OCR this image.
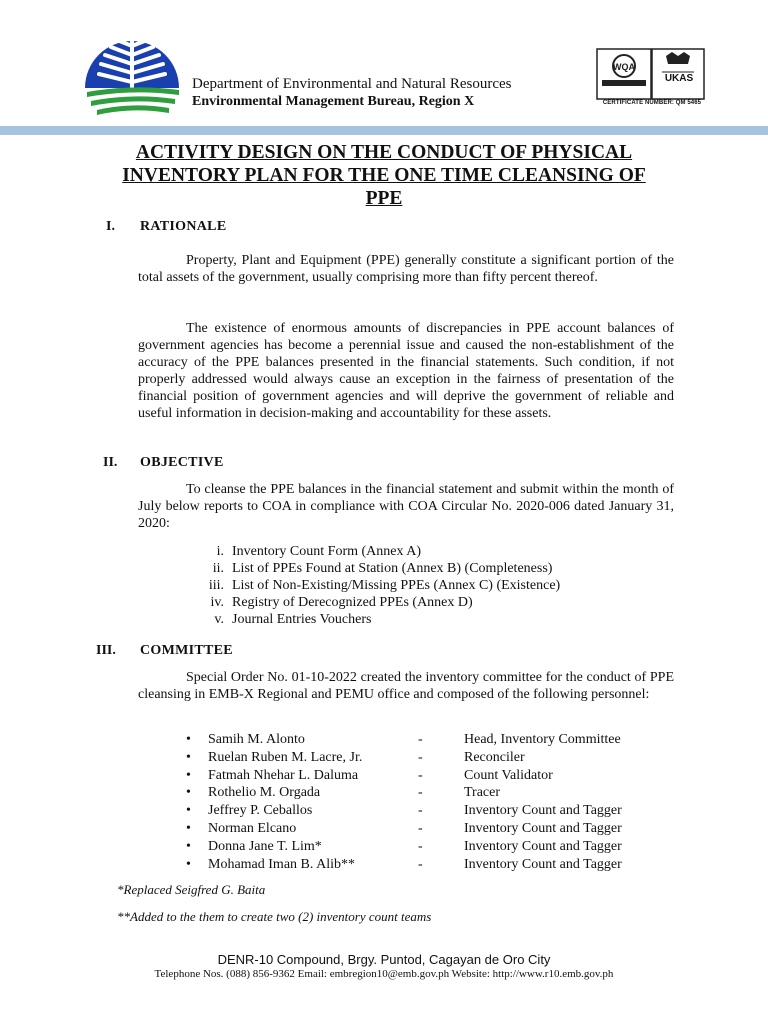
Department of Environmental and Natural Resources
Environmental Management Bureau, Region X
WQA
REGISTERED
UKAS
CERTIFICATE NUMBER: QM 5465
ACTIVITY DESIGN ON THE CONDUCT OF PHYSICAL
INVENTORY PLAN FOR THE ONE TIME CLEANSING OF
PPE
I. RATIONALE
Property, Plant and Equipment (PPE) generally constitute a significant portion of the total assets of the government, usually comprising more than fifty percent thereof.
The existence of enormous amounts of discrepancies in PPE account balances of government agencies has become a perennial issue and caused the non-establishment of the accuracy of the PPE balances presented in the financial statements. Such condition, if not properly addressed would always cause an exception in the fairness of presentation of the financial position of government agencies and will deprive the government of reliable and useful information in decision-making and accountability for these assets.
II. OBJECTIVE
To cleanse the PPE balances in the financial statement and submit within the month of July below reports to COA in compliance with COA Circular No. 2020-006 dated January 31, 2020:
i. Inventory Count Form (Annex A)
ii. List of PPEs Found at Station (Annex B) (Completeness)
iii. List of Non-Existing/Missing PPEs (Annex C) (Existence)
iv. Registry of Derecognized PPEs (Annex D)
v. Journal Entries Vouchers
III. COMMITTEE
Special Order No. 01-10-2022 created the inventory committee for the conduct of PPE cleansing in EMB-X Regional and PEMU office and composed of the following personnel:
•	Samih M. Alonto	-	Head, Inventory Committee
•	Ruelan Ruben M. Lacre, Jr.	-	Reconciler
•	Fatmah Nhehar L. Daluma	-	Count Validator
•	Rothelio M. Orgada	-	Tracer
•	Jeffrey P. Ceballos	-	Inventory Count and Tagger
•	Norman Elcano	-	Inventory Count and Tagger
•	Donna Jane T. Lim*	-	Inventory Count and Tagger
•	Mohamad Iman B. Alib**	-	Inventory Count and Tagger
*Replaced Seigfred G. Baita
**Added to the them to create two (2) inventory count teams
DENR-10 Compound, Brgy. Puntod, Cagayan de Oro City
Telephone Nos. (088) 856-9362 Email: embregion10@emb.gov.ph Website: http://www.r10.emb.gov.ph
